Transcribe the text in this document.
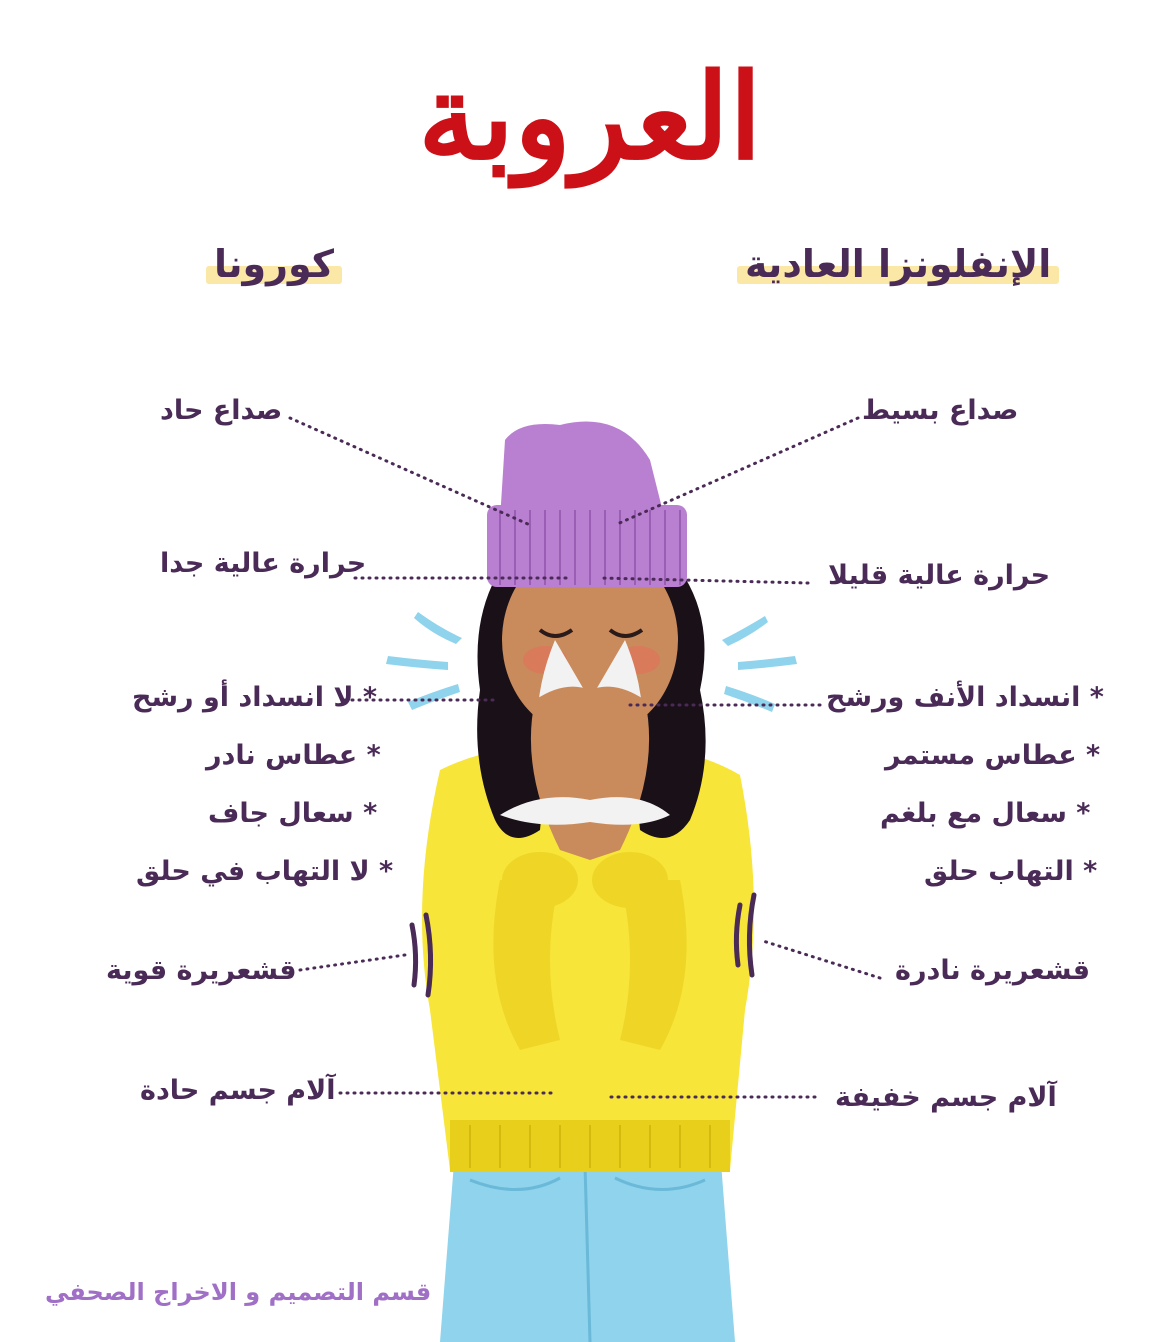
العروبة
الإنفلونزا العادية
كورونا
صداع بسيط
حرارة عالية قليلا
* انسداد الأنف ورشح
* عطاس مستمر
* سعال مع بلغم
* التهاب حلق
قشعريرة نادرة
آلام جسم خفيفة
صداع حاد
حرارة عالية جدا
* لا انسداد أو رشح
* عطاس نادر
* سعال جاف
* لا التهاب في حلق
قشعريرة قوية
آلام جسم حادة
قسم التصميم و الاخراج الصحفي
